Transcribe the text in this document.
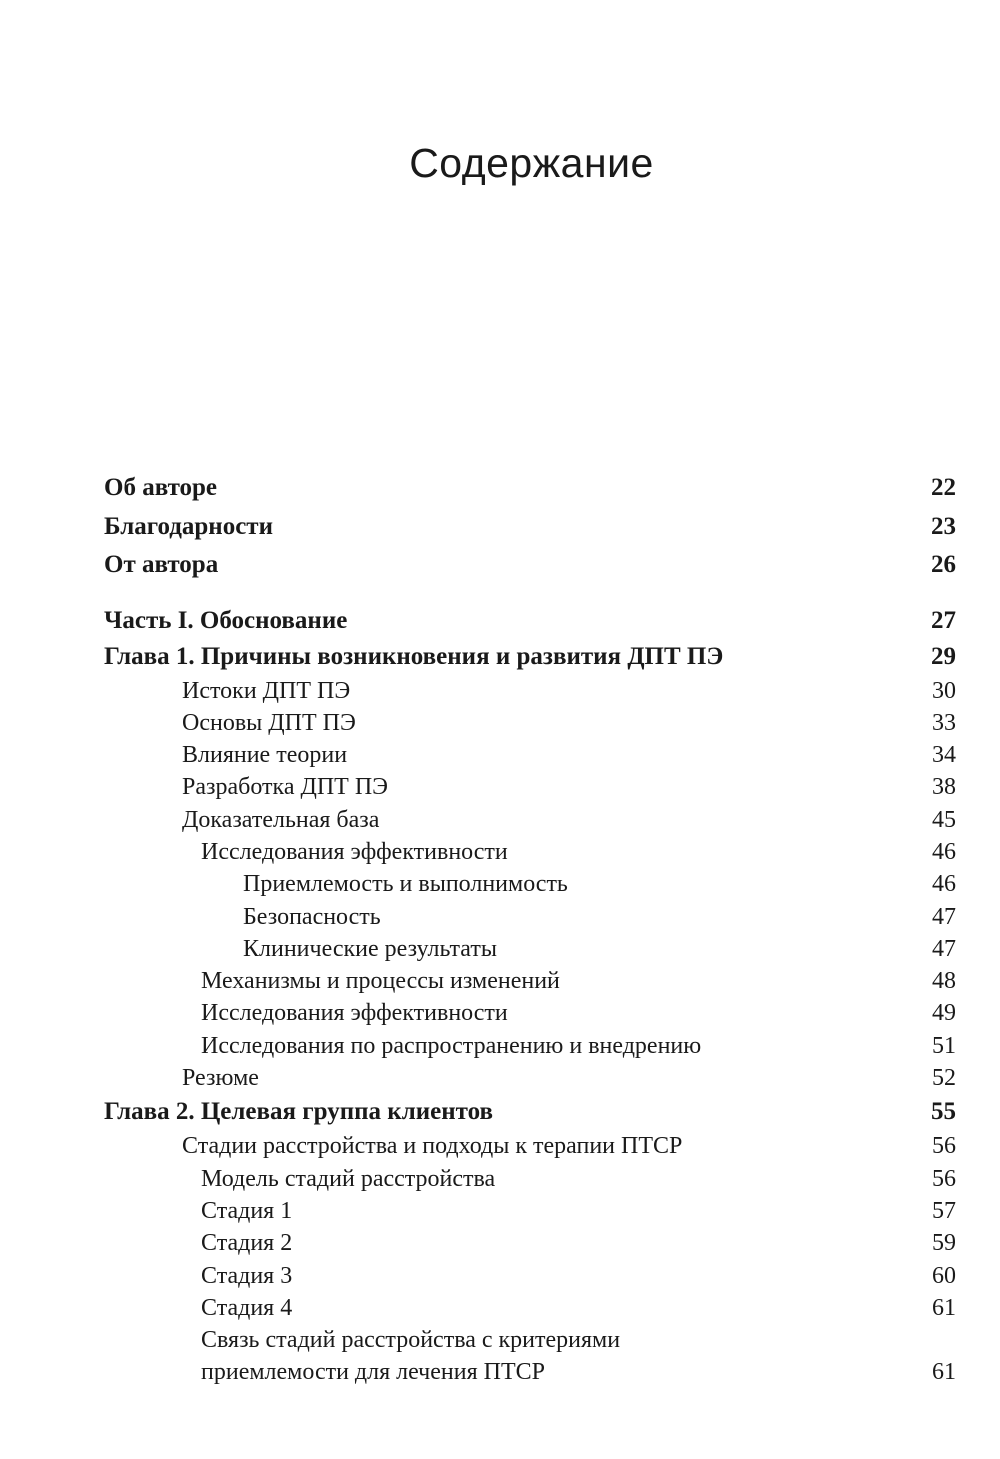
Содержание
Об авторе	22
Благодарности	23
От автора	26
Часть I. Обоснование	27
Глава 1. Причины возникновения и развития ДПТ ПЭ	29
Истоки ДПТ ПЭ	30
Основы ДПТ ПЭ	33
Влияние теории	34
Разработка ДПТ ПЭ	38
Доказательная база	45
Исследования эффективности	46
Приемлемость и выполнимость	46
Безопасность	47
Клинические результаты	47
Механизмы и процессы изменений	48
Исследования эффективности	49
Исследования по распространению и внедрению	51
Резюме	52
Глава 2. Целевая группа клиентов	55
Стадии расстройства и подходы к терапии ПТСР	56
Модель стадий расстройства	56
Стадия 1	57
Стадия 2	59
Стадия 3	60
Стадия 4	61
Связь стадий расстройства с критериями
приемлемости для лечения ПТСР	61
